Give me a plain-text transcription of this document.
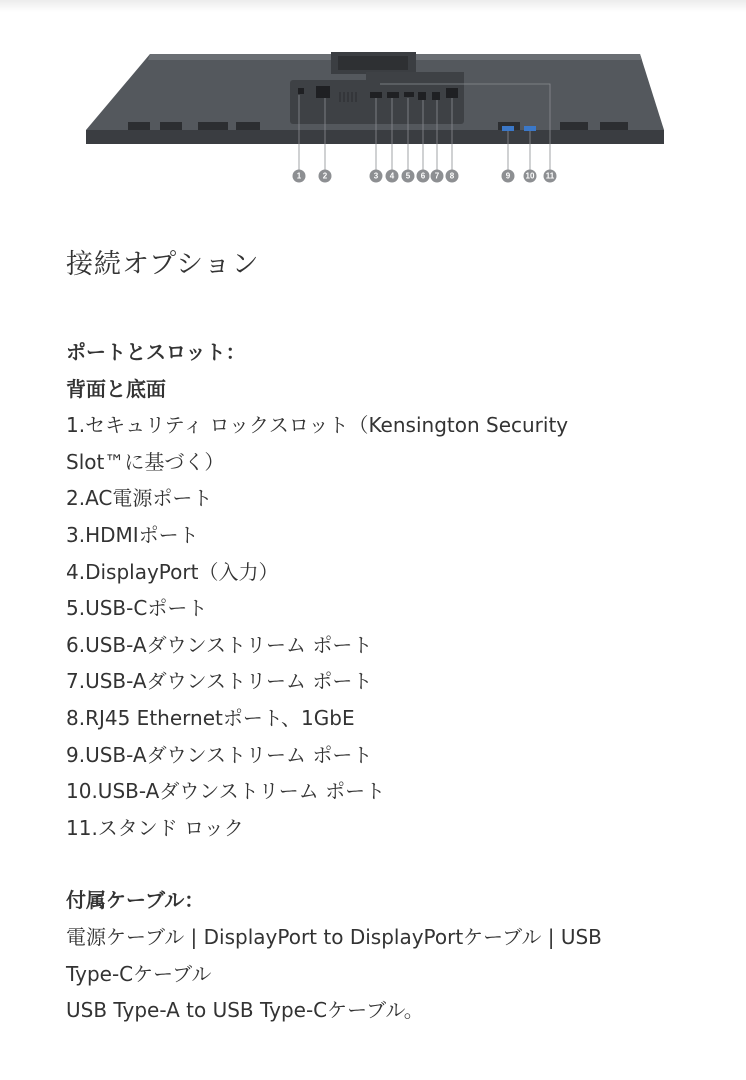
1	2	3 4 5 6 7 8	9 10 11
接続オプション
ポートとスロット：
背面と底面
1.セキュリティ ロックスロット（Kensington Security
Slot™に基づく）
2.AC電源ポート
3.HDMIポート
4.DisplayPort（入力）
5.USB-Cポート
6.USB-Aダウンストリーム ポート
7.USB-Aダウンストリーム ポート
8.RJ45 Ethernetポート、1GbE
9.USB-Aダウンストリーム ポート
10.USB-Aダウンストリーム ポート
11.スタンド ロック
付属ケーブル：
電源ケーブル | DisplayPort to DisplayPortケーブル | USB
Type-Cケーブル
USB Type-A to USB Type-Cケーブル。
